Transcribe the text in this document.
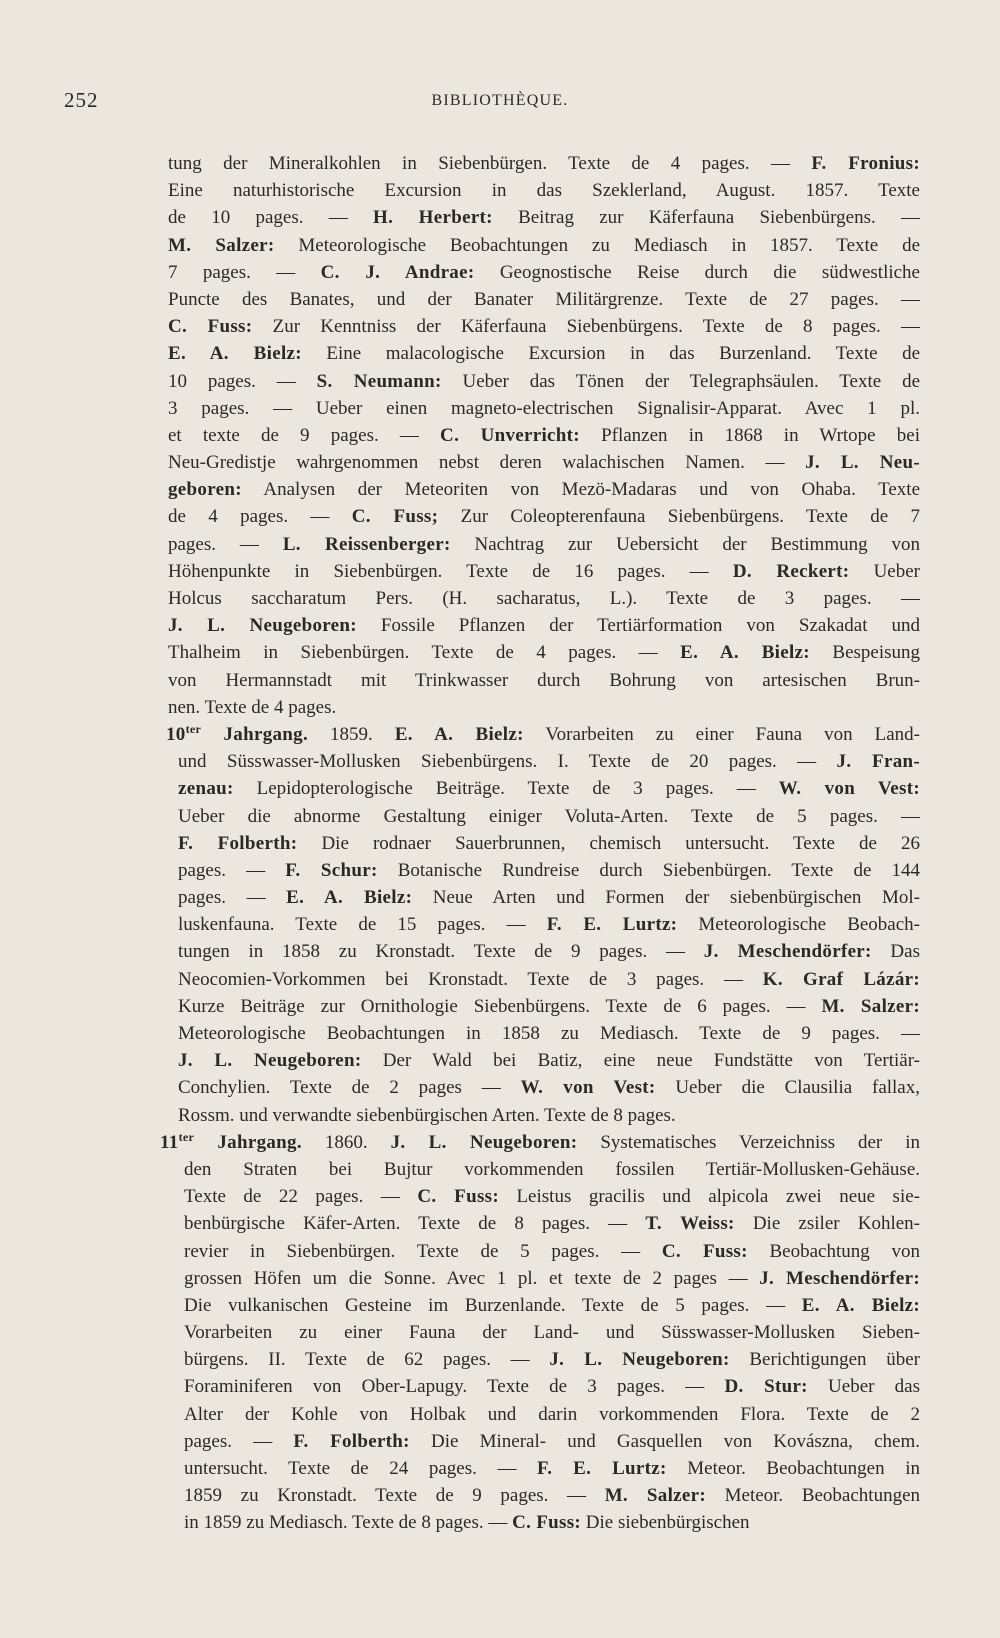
252	BIBLIOTHÈQUE.
tung der Mineralkohlen in Siebenbürgen. Texte de 4 pages. — F. Fronius:
Eine naturhistorische Excursion in das Szeklerland, August. 1857. Texte
de 10 pages. — H. Herbert: Beitrag zur Käferfauna Siebenbürgens. —
M. Salzer: Meteorologische Beobachtungen zu Mediasch in 1857. Texte de
7 pages. — C. J. Andrae: Geognostische Reise durch die südwestliche
Puncte des Banates, und der Banater Militärgrenze. Texte de 27 pages. —
C. Fuss: Zur Kenntniss der Käferfauna Siebenbürgens. Texte de 8 pages. —
E. A. Bielz: Eine malacologische Excursion in das Burzenland. Texte de
10 pages. — S. Neumann: Ueber das Tönen der Telegraphsäulen. Texte de
3 pages. — Ueber einen magneto-electrischen Signalisir-Apparat. Avec 1 pl.
et texte de 9 pages. — C. Unverricht: Pflanzen in 1868 in Wrtope bei
Neu-Gredistje wahrgenommen nebst deren walachischen Namen. — J. L. Neu-
geboren: Analysen der Meteoriten von Mezö-Madaras und von Ohaba. Texte
de 4 pages. — C. Fuss; Zur Coleopterenfauna Siebenbürgens. Texte de 7
pages. — L. Reissenberger: Nachtrag zur Uebersicht der Bestimmung von
Höhenpunkte in Siebenbürgen. Texte de 16 pages. — D. Reckert: Ueber
Holcus saccharatum Pers. (H. sacharatus, L.). Texte de 3 pages. —
J. L. Neugeboren: Fossile Pflanzen der Tertiärformation von Szakadat und
Thalheim in Siebenbürgen. Texte de 4 pages. — E. A. Bielz: Bespeisung
von Hermannstadt mit Trinkwasser durch Bohrung von artesischen Brun-
nen. Texte de 4 pages.
$10^{ter}$ Jahrgang. 1859. E. A. Bielz: Vorarbeiten zu einer Fauna von Land-
und Süsswasser-Mollusken Siebenbürgens. I. Texte de 20 pages. — J. Fran-
zenau: Lepidopterologische Beiträge. Texte de 3 pages. — W. von Vest:
Ueber die abnorme Gestaltung einiger Voluta-Arten. Texte de 5 pages. —
F. Folberth: Die rodnaer Sauerbrunnen, chemisch untersucht. Texte de 26
pages. — F. Schur: Botanische Rundreise durch Siebenbürgen. Texte de 144
pages. — E. A. Bielz: Neue Arten und Formen der siebenbürgischen Mol-
luskenfauna. Texte de 15 pages. — F. E. Lurtz: Meteorologische Beobach-
tungen in 1858 zu Kronstadt. Texte de 9 pages. — J. Meschendörfer: Das
Neocomien-Vorkommen bei Kronstadt. Texte de 3 pages. — K. Graf Lázár:
Kurze Beiträge zur Ornithologie Siebenbürgens. Texte de 6 pages. — M. Salzer:
Meteorologische Beobachtungen in 1858 zu Mediasch. Texte de 9 pages. —
J. L. Neugeboren: Der Wald bei Batiz, eine neue Fundstätte von Tertiär-
Conchylien. Texte de 2 pages — W. von Vest: Ueber die Clausilia fallax,
Rossm. und verwandte siebenbürgischen Arten. Texte de 8 pages.
$11^{ter}$ Jahrgang. 1860. J. L. Neugeboren: Systematisches Verzeichniss der in
den Straten bei Bujtur vorkommenden fossilen Tertiär-Mollusken-Gehäuse.
Texte de 22 pages. — C. Fuss: Leistus gracilis und alpicola zwei neue sie-
benbürgische Käfer-Arten. Texte de 8 pages. — T. Weiss: Die zsiler Kohlen-
revier in Siebenbürgen. Texte de 5 pages. — C. Fuss: Beobachtung von
grossen Höfen um die Sonne. Avec 1 pl. et texte de 2 pages — J. Meschendörfer:
Die vulkanischen Gesteine im Burzenlande. Texte de 5 pages. — E. A. Bielz:
Vorarbeiten zu einer Fauna der Land- und Süsswasser-Mollusken Sieben-
bürgens. II. Texte de 62 pages. — J. L. Neugeboren: Berichtigungen über
Foraminiferen von Ober-Lapugy. Texte de 3 pages. — D. Stur: Ueber das
Alter der Kohle von Holbak und darin vorkommenden Flora. Texte de 2
pages. — F. Folberth: Die Mineral- und Gasquellen von Kovászna, chem.
untersucht. Texte de 24 pages. — F. E. Lurtz: Meteor. Beobachtungen in
1859 zu Kronstadt. Texte de 9 pages. — M. Salzer: Meteor. Beobachtungen
in 1859 zu Mediasch. Texte de 8 pages. — C. Fuss: Die siebenbürgischen
